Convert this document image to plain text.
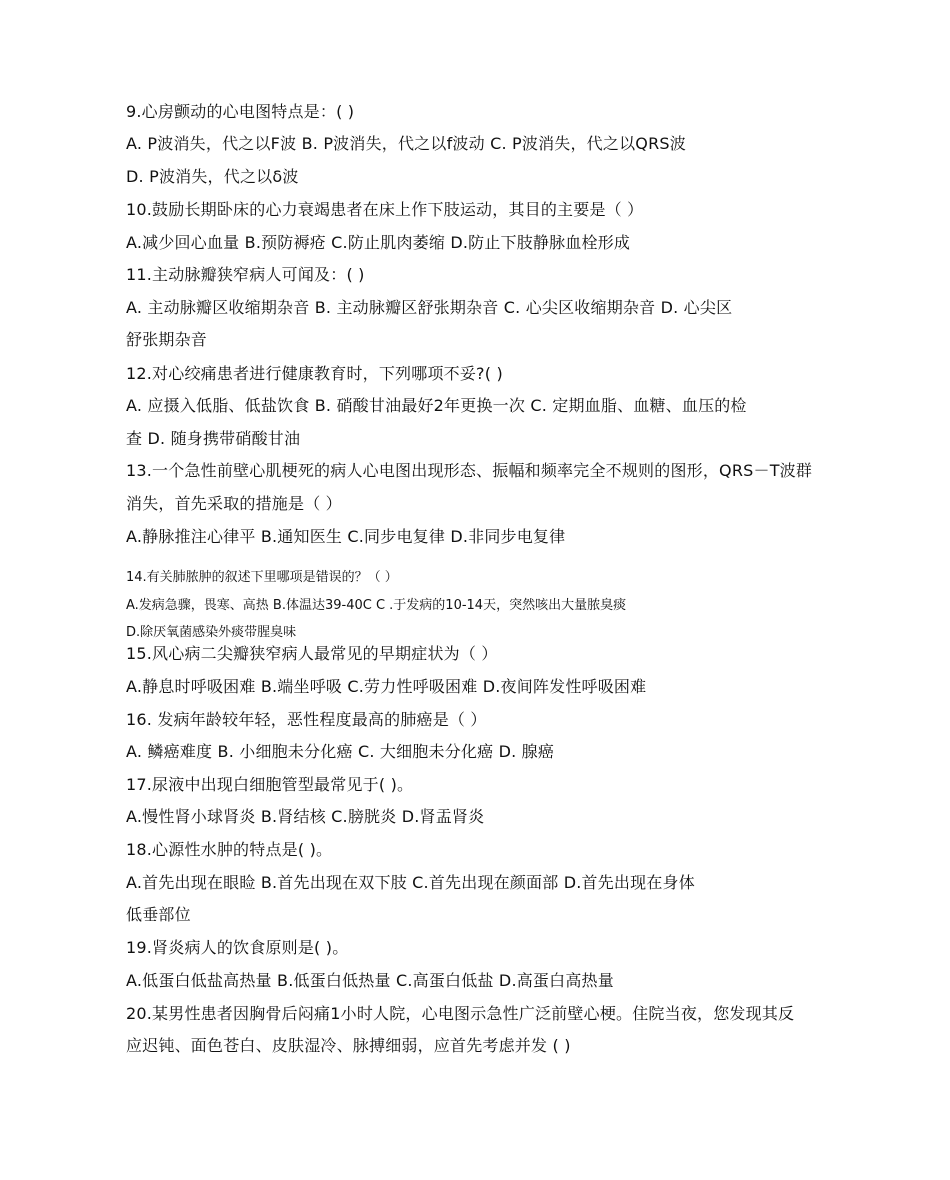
9.心房颤动的心电图特点是：( )
A. P波消失，代之以F波 B. P波消失，代之以f波动 C. P波消失，代之以QRS波
D. P波消失，代之以δ波
10.鼓励长期卧床的心力衰竭患者在床上作下肢运动，其目的主要是（ ）
A.减少回心血量 B.预防褥疮 C.防止肌肉萎缩 D.防止下肢静脉血栓形成
11.主动脉瓣狭窄病人可闻及：( )
A. 主动脉瓣区收缩期杂音 B. 主动脉瓣区舒张期杂音 C. 心尖区收缩期杂音 D. 心尖区
舒张期杂音
12.对心绞痛患者进行健康教育时，下列哪项不妥?( )
A. 应摄入低脂、低盐饮食 B. 硝酸甘油最好2年更换一次 C. 定期血脂、血糖、血压的检
查 D. 随身携带硝酸甘油
13.一个急性前壁心肌梗死的病人心电图出现形态、振幅和频率完全不规则的图形，QRS－T波群
消失，首先采取的措施是（ ）
A.静脉推注心律平 B.通知医生 C.同步电复律 D.非同步电复律
14.有关肺脓肿的叙述下里哪项是错误的？（ ）
A.发病急骤，畏寒、高热 B.体温达39-40C C .于发病的10-14天，突然咳出大量脓臭痰
D.除厌氧菌感染外痰带腥臭味
15.风心病二尖瓣狭窄病人最常见的早期症状为（ ）
A.静息时呼吸困难 B.端坐呼吸 C.劳力性呼吸困难 D.夜间阵发性呼吸困难
16. 发病年龄较年轻，恶性程度最高的肺癌是（ ）
A. 鳞癌难度 B. 小细胞未分化癌 C. 大细胞未分化癌 D. 腺癌
17.尿液中出现白细胞管型最常见于( )。
A.慢性肾小球肾炎 B.肾结核 C.膀胱炎 D.肾盂肾炎
18.心源性水肿的特点是( )。
A.首先出现在眼睑 B.首先出现在双下肢 C.首先出现在颜面部 D.首先出现在身体
低垂部位
19.肾炎病人的饮食原则是( )。
A.低蛋白低盐高热量 B.低蛋白低热量 C.高蛋白低盐 D.高蛋白高热量
20.某男性患者因胸骨后闷痛1小时人院，心电图示急性广泛前壁心梗。住院当夜，您发现其反
应迟钝、面色苍白、皮肤湿冷、脉搏细弱，应首先考虑并发 ( )
